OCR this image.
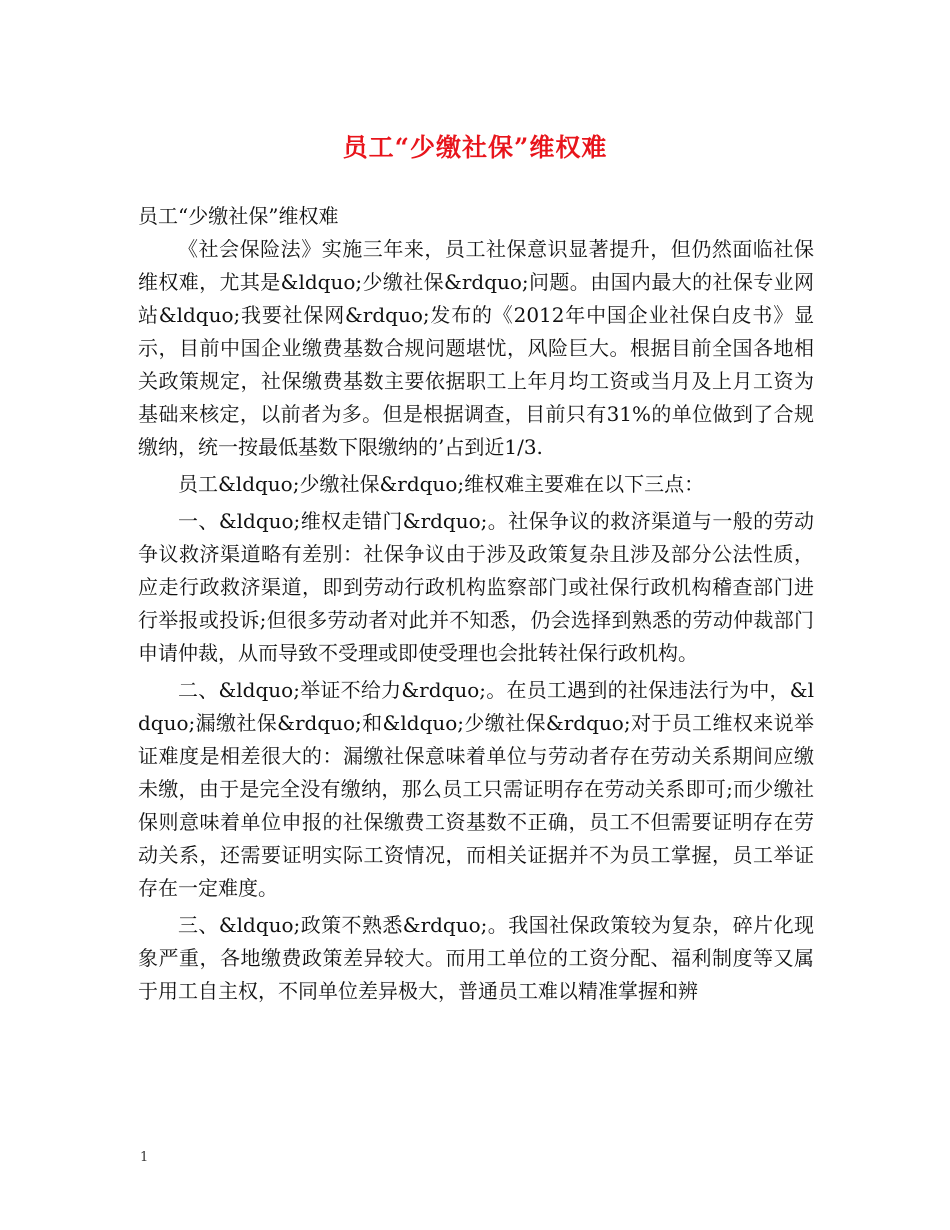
员工“少缴社保”维权难

员工“少缴社保”维权难

《社会保险法》实施三年来，员工社保意识显著提升，但仍然面临社保维权难，尤其是&ldquo;少缴社保&rdquo;问题。由国内最大的社保专业网站&ldquo;我要社保网&rdquo;发布的《2012年中国企业社保白皮书》显示，目前中国企业缴费基数合规问题堪忧，风险巨大。根据目前全国各地相关政策规定，社保缴费基数主要依据职工上年月均工资或当月及上月工资为基础来核定，以前者为多。但是根据调查，目前只有31%的单位做到了合规缴纳，统一按最低基数下限缴纳的’占到近1/3.

员工&ldquo;少缴社保&rdquo;维权难主要难在以下三点：

一、&ldquo;维权走错门&rdquo;。社保争议的救济渠道与一般的劳动争议救济渠道略有差别：社保争议由于涉及政策复杂且涉及部分公法性质，应走行政救济渠道，即到劳动行政机构监察部门或社保行政机构稽查部门进行举报或投诉;但很多劳动者对此并不知悉，仍会选择到熟悉的劳动仲裁部门申请仲裁，从而导致不受理或即使受理也会批转社保行政机构。

二、&ldquo;举证不给力&rdquo;。在员工遇到的社保违法行为中，&ldquo;漏缴社保&rdquo;和&ldquo;少缴社保&rdquo;对于员工维权来说举证难度是相差很大的：漏缴社保意味着单位与劳动者存在劳动关系期间应缴未缴，由于是完全没有缴纳，那么员工只需证明存在劳动关系即可;而少缴社保则意味着单位申报的社保缴费工资基数不正确，员工不但需要证明存在劳动关系，还需要证明实际工资情况，而相关证据并不为员工掌握，员工举证存在一定难度。

三、&ldquo;政策不熟悉&rdquo;。我国社保政策较为复杂，碎片化现象严重，各地缴费政策差异较大。而用工单位的工资分配、福利制度等又属于用工自主权，不同单位差异极大，普通员工难以精准掌握和辨

1
